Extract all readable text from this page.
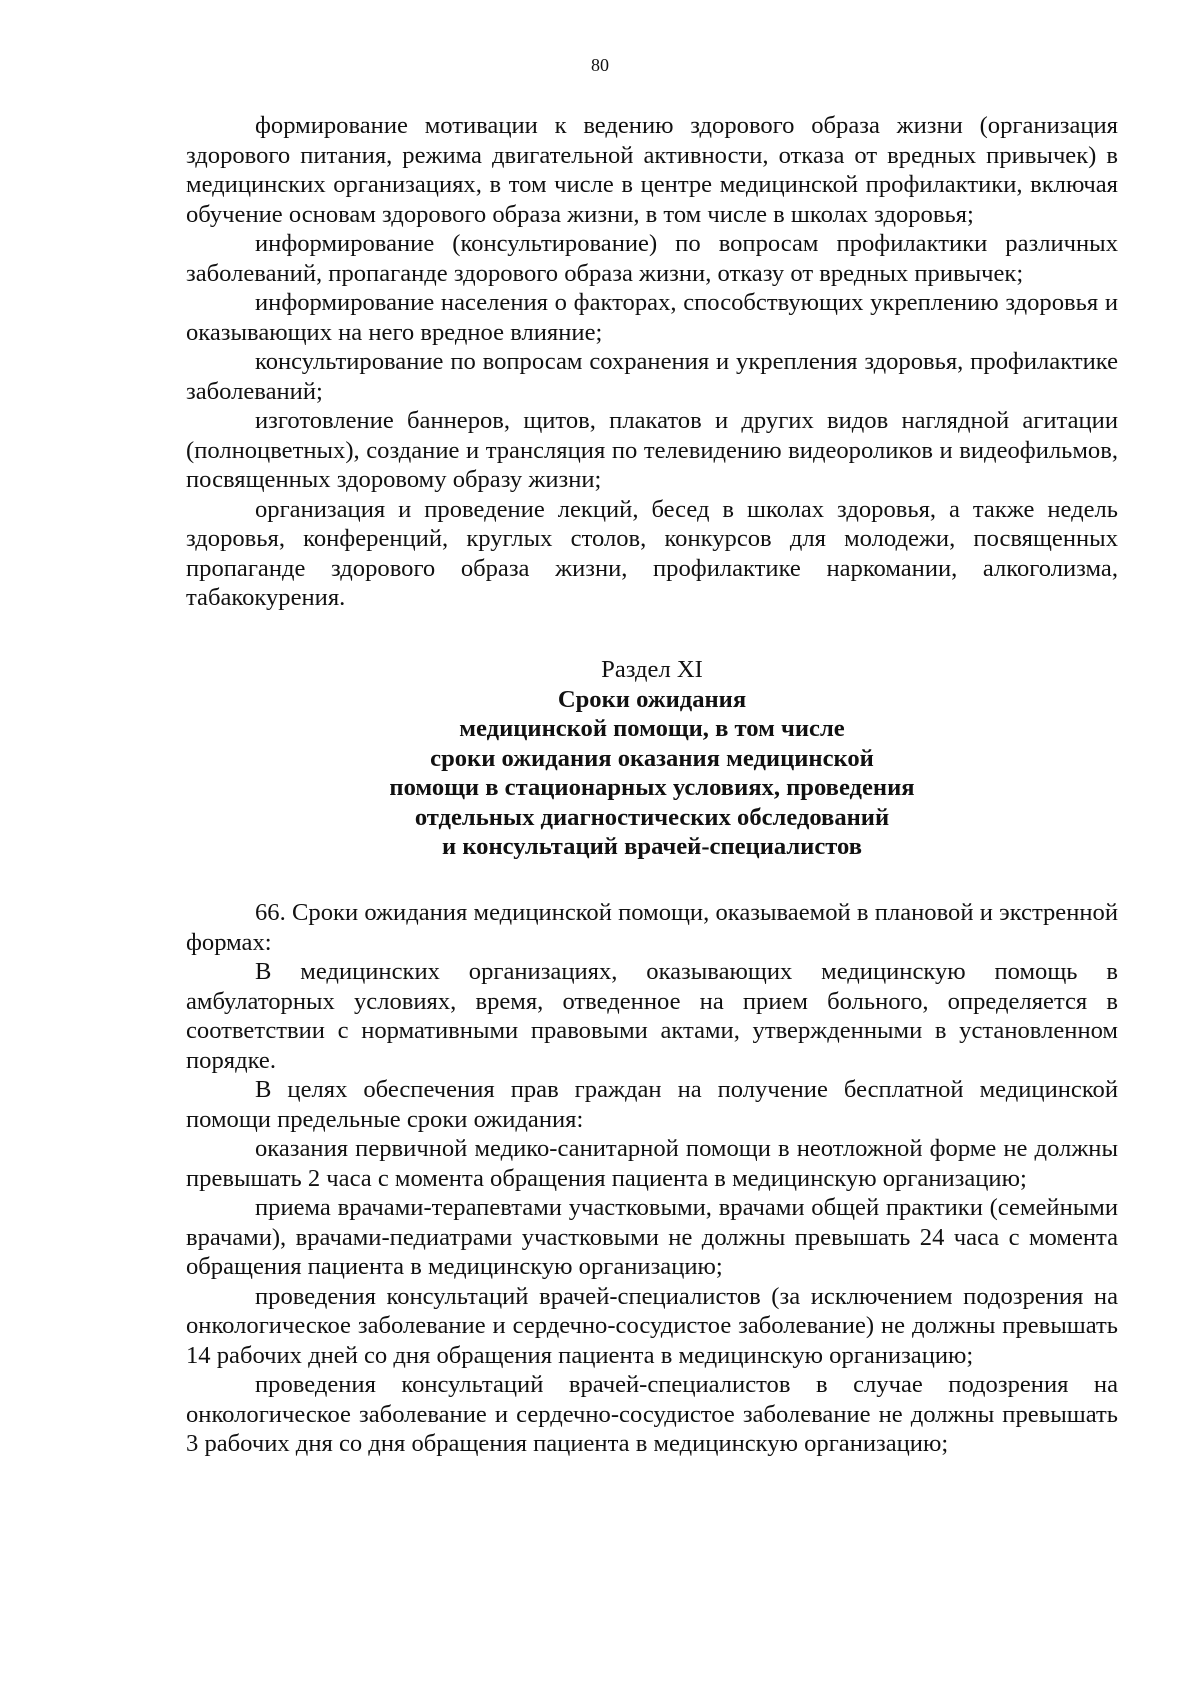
80

формирование мотивации к ведению здорового образа жизни (организация здорового питания, режима двигательной активности, отказа от вредных привычек) в медицинских организациях, в том числе в центре медицинской профилактики, включая обучение основам здорового образа жизни, в том числе в школах здоровья;

информирование (консультирование) по вопросам профилактики различных заболеваний, пропаганде здорового образа жизни, отказу от вредных привычек;

информирование населения о факторах, способствующих укреплению здоровья и оказывающих на него вредное влияние;

консультирование по вопросам сохранения и укрепления здоровья, профилактике заболеваний;

изготовление баннеров, щитов, плакатов и других видов наглядной агитации (полноцветных), создание и трансляция по телевидению видеороликов и видеофильмов, посвященных здоровому образу жизни;

организация и проведение лекций, бесед в школах здоровья, а также недель здоровья, конференций, круглых столов, конкурсов для молодежи, посвященных пропаганде здорового образа жизни, профилактике наркомании, алкоголизма, табакокурения.

Раздел XI
Сроки ожидания
медицинской помощи, в том числе
сроки ожидания оказания медицинской
помощи в стационарных условиях, проведения
отдельных диагностических обследований
и консультаций врачей-специалистов

66. Сроки ожидания медицинской помощи, оказываемой в плановой и экстренной формах:

В медицинских организациях, оказывающих медицинскую помощь в амбулаторных условиях, время, отведенное на прием больного, определяется в соответствии с нормативными правовыми актами, утвержденными в установленном порядке.

В целях обеспечения прав граждан на получение бесплатной медицинской помощи предельные сроки ожидания:

оказания первичной медико-санитарной помощи в неотложной форме не должны превышать 2 часа с момента обращения пациента в медицинскую организацию;

приема врачами-терапевтами участковыми, врачами общей практики (семейными врачами), врачами-педиатрами участковыми не должны превышать 24 часа с момента обращения пациента в медицинскую организацию;

проведения консультаций врачей-специалистов (за исключением подозрения на онкологическое заболевание и сердечно-сосудистое заболевание) не должны превышать 14 рабочих дней со дня обращения пациента в медицинскую организацию;

проведения консультаций врачей-специалистов в случае подозрения на онкологическое заболевание и сердечно-сосудистое заболевание не должны превышать 3 рабочих дня со дня обращения пациента в медицинскую организацию;
